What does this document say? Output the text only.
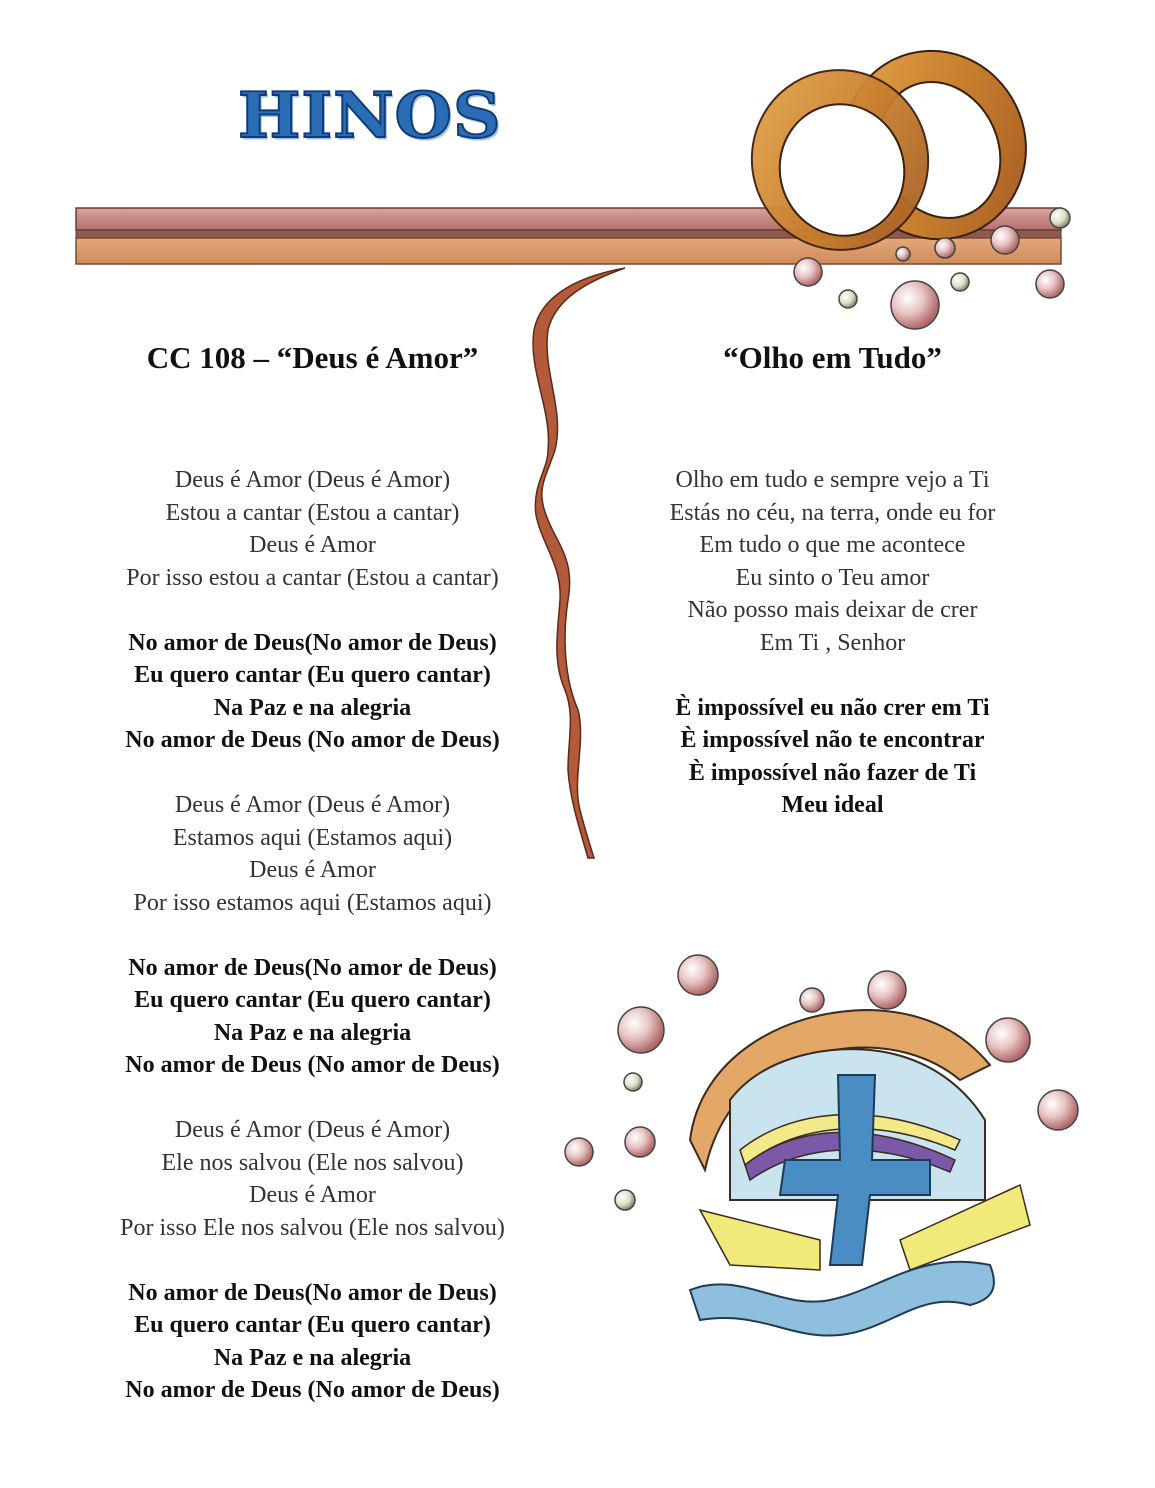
HINOS
CC 108 – “Deus é Amor”	“Olho em Tudo”
Deus é Amor (Deus é Amor)
Estou a cantar (Estou a cantar)
Deus é Amor
Por isso estou a cantar (Estou a cantar)
No amor de Deus(No amor de Deus)
Eu quero cantar (Eu quero cantar)
Na Paz e na alegria
No amor de Deus (No amor de Deus)
Deus é Amor (Deus é Amor)
Estamos aqui (Estamos aqui)
Deus é Amor
Por isso estamos aqui (Estamos aqui)
No amor de Deus(No amor de Deus)
Eu quero cantar (Eu quero cantar)
Na Paz e na alegria
No amor de Deus (No amor de Deus)
Deus é Amor (Deus é Amor)
Ele nos salvou (Ele nos salvou)
Deus é Amor
Por isso Ele nos salvou (Ele nos salvou)
No amor de Deus(No amor de Deus)
Eu quero cantar (Eu quero cantar)
Na Paz e na alegria
No amor de Deus (No amor de Deus)
Olho em tudo e sempre vejo a Ti
Estás no céu, na terra, onde eu for
Em tudo o que me acontece
Eu sinto o Teu amor
Não posso mais deixar de crer
Em Ti , Senhor
È impossível eu não crer em Ti
È impossível não te encontrar
È impossível não fazer de Ti
Meu ideal
